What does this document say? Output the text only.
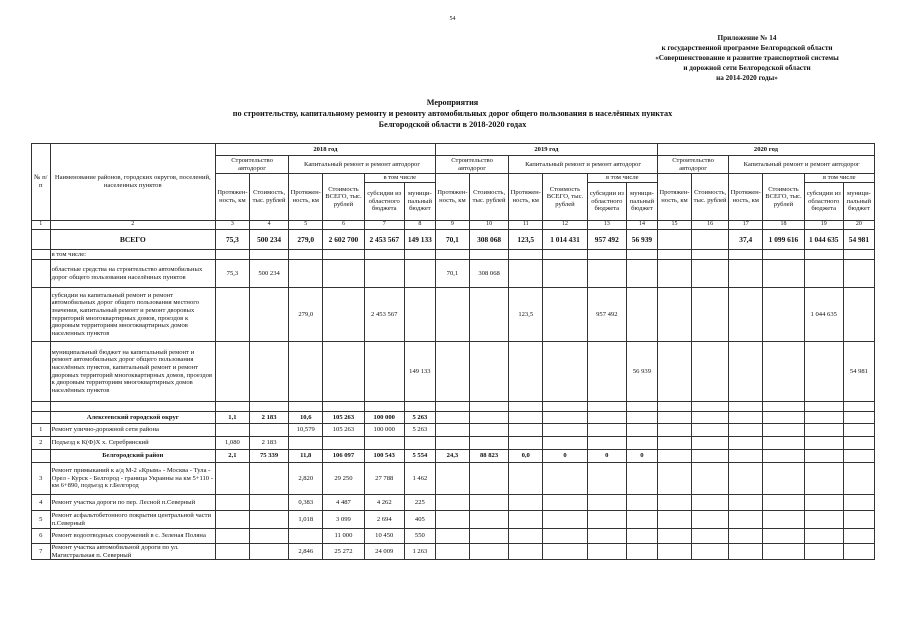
54
Приложение № 14
к государственной программе Белгородской области
«Совершенствование и развитие транспортной системы
и дорожной сети Белгородской области
на 2014-2020 годы»
Мероприятия
по строительству, капитальному ремонту и ремонту автомобильных дорог общего пользования в населённых пунктах
Белгородской области в 2018-2020 годах
№ п/п	Наименование районов, городских округов, поселений, населенных пунктов	2018 год						2019 год						2020 год					
		Строительство автодорог		Капитальный ремонт и ремонт автодорог				Строительство автодорог		Капитальный ремонт и ремонт автодорог				Строительство автодорог		Капитальный ремонт и ремонт автодорог			
		Протяжен-ность, км	Стоимость, тыс. рублей	Протяжен-ность, км	Стоимость ВСЕГО, тыс. рублей	в том числе		Протяжен-ность, км	Стоимость, тыс. рублей	Протяжен-ность, км	Стоимость ВСЕГО, тыс. рублей	в том числе		Протяжен-ность, км	Стоимость, тыс. рублей	Протяжен-ность, км	Стоимость ВСЕГО, тыс. рублей	в том числе	
						субсидии из областного бюджета	муници-пальный бюджет					субсидии из областного бюджета	муници-пальный бюджет					субсидии из областного бюджета	муници-пальный бюджет
1	2	3	4	5	6	7	8	9	10	11	12	13	14	15	16	17	18	19	20
	ВСЕГО	75,3	500 234	279,0	2 602 700	2 453 567	149 133	70,1	308 068	123,5	1 014 431	957 492	56 939			37,4	1 099 616	1 044 635	54 981
	в том числе:																		
	областные средства на строительство автомобильных дорог общего пользования населённых пунктов	75,3	500 234					70,1	308 068										
	субсидии на капитальный ремонт и ремонт автомобильных дорог общего пользования местного значения, капитальный ремонт и ремонт дворовых территорий многоквартирных домов, проездов к дворовым территориям многоквартирных домов населенных пунктов			279,0		2 453 567				123,5		957 492						1 044 635	
	муниципальный бюджет на капитальный ремонт и ремонт автомобильных дорог общего пользования населённых пунктов, капитальный ремонт и ремонт дворовых территорий многоквартирных домов, проездов к дворовым территориям многоквартирных домов населённых пунктов						149 133						56 939						54 981

	Алексеевский городской округ	1,1	2 183	10,6	105 263	100 000	5 263												
1	Ремонт улично-дорожной сети района			10,579	105 263	100 000	5 263												
2	Подъезд к К(Ф)Х х. Серебрянский	1,080	2 183																
	Белгородский район	2,1	75 339	11,8	106 097	100 543	5 554	24,3	88 823	0,0	0	0	0						
3	Ремонт примыканий к а/д М-2 «Крым» - Москва - Тула - Орел - Курск - Белгород - граница Украины на км 5+110 - км 6+890, подъезд к г.Белгород			2,820	29 250	27 788	1 462												
4	Ремонт участка дороги по пер. Лесной п.Северный			0,383	4 487	4 262	225												
5	Ремонт асфальтобетонного покрытия центральной части п.Северный			1,018	3 099	2 694	405												
6	Ремонт водоотводных сооружений в с. Зеленая Поляна				11 000	10 450	550												
7	Ремонт участка автомобильной дороги по ул. Магистральная п. Северный			2,846	25 272	24 009	1 263												
